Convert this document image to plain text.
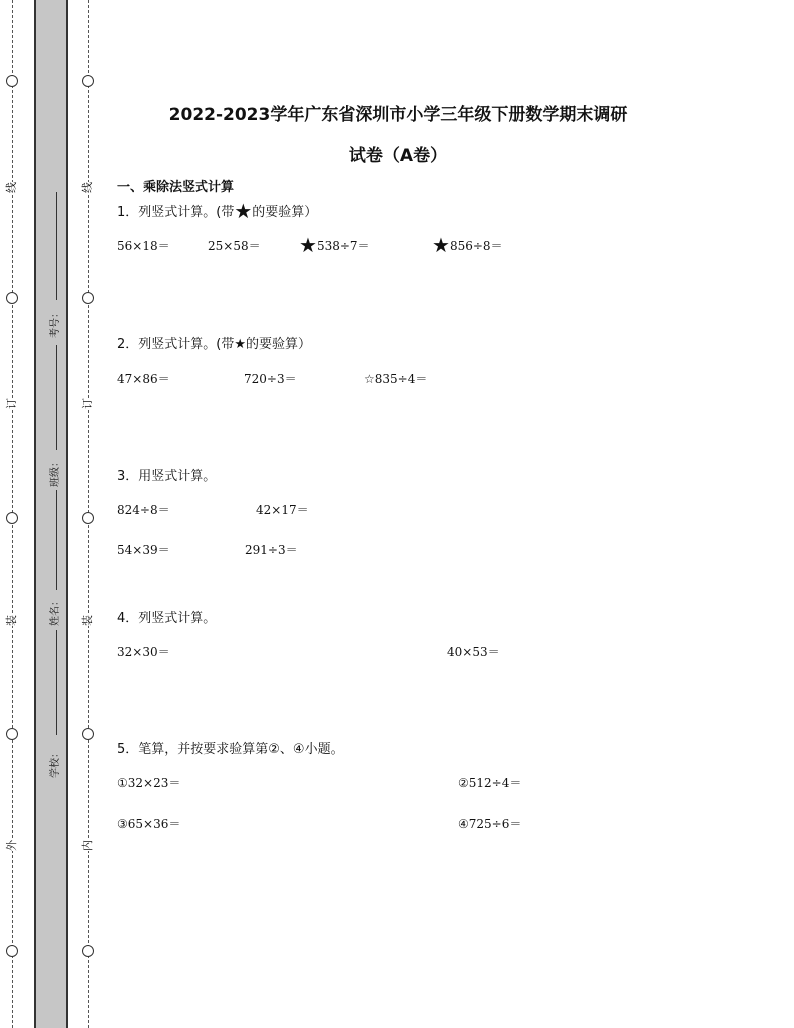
线
订
装
外
线
订
装
内
考号：
班级：
姓名：
学校：
2022-2023学年广东省深圳市小学三年级下册数学期末调研
试卷（A卷）
一、乘除法竖式计算
1．列竖式计算。(带★的要验算）
56×18＝	25×58＝ ★538÷7＝	★856÷8＝
2．列竖式计算。(带★的要验算）
47×86＝	720÷3＝	☆835÷4＝
3．用竖式计算。
824÷8＝	42×17＝
54×39＝	291÷3＝
4．列竖式计算。
32×30＝	40×53＝
5．笔算，并按要求验算第②、④小题。
①32×23＝	②512÷4＝
③65×36＝	④725÷6＝
